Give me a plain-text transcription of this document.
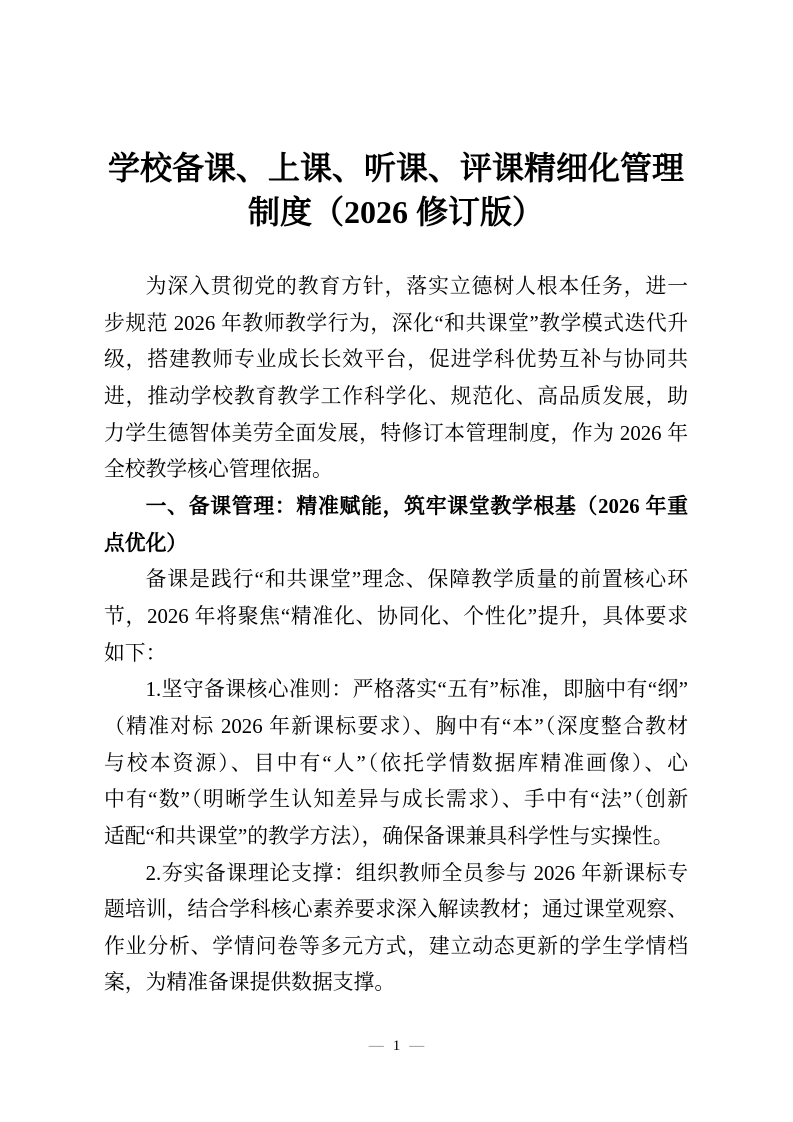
学校备课、上课、听课、评课精细化管理
制度（2026 修订版）
为深入贯彻党的教育方针，落实立德树人根本任务，进一
步规范 2026 年教师教学行为，深化“和共课堂”教学模式迭代升
级，搭建教师专业成长长效平台，促进学科优势互补与协同共
进，推动学校教育教学工作科学化、规范化、高品质发展，助
力学生德智体美劳全面发展，特修订本管理制度，作为 2026 年
全校教学核心管理依据。
一、备课管理：精准赋能，筑牢课堂教学根基（2026 年重
点优化）
备课是践行“和共课堂”理念、保障教学质量的前置核心环
节，2026 年将聚焦“精准化、协同化、个性化”提升，具体要求
如下：
1.坚守备课核心准则：严格落实“五有”标准，即脑中有“纲”
（精准对标 2026 年新课标要求）、胸中有“本”（深度整合教材
与校本资源）、目中有“人”（依托学情数据库精准画像）、心
中有“数”（明晰学生认知差异与成长需求）、手中有“法”（创新
适配“和共课堂”的教学方法），确保备课兼具科学性与实操性。
2.夯实备课理论支撑：组织教师全员参与 2026 年新课标专
题培训，结合学科核心素养要求深入解读教材；通过课堂观察、
作业分析、学情问卷等多元方式，建立动态更新的学生学情档
案，为精准备课提供数据支撑。
— 1 —
